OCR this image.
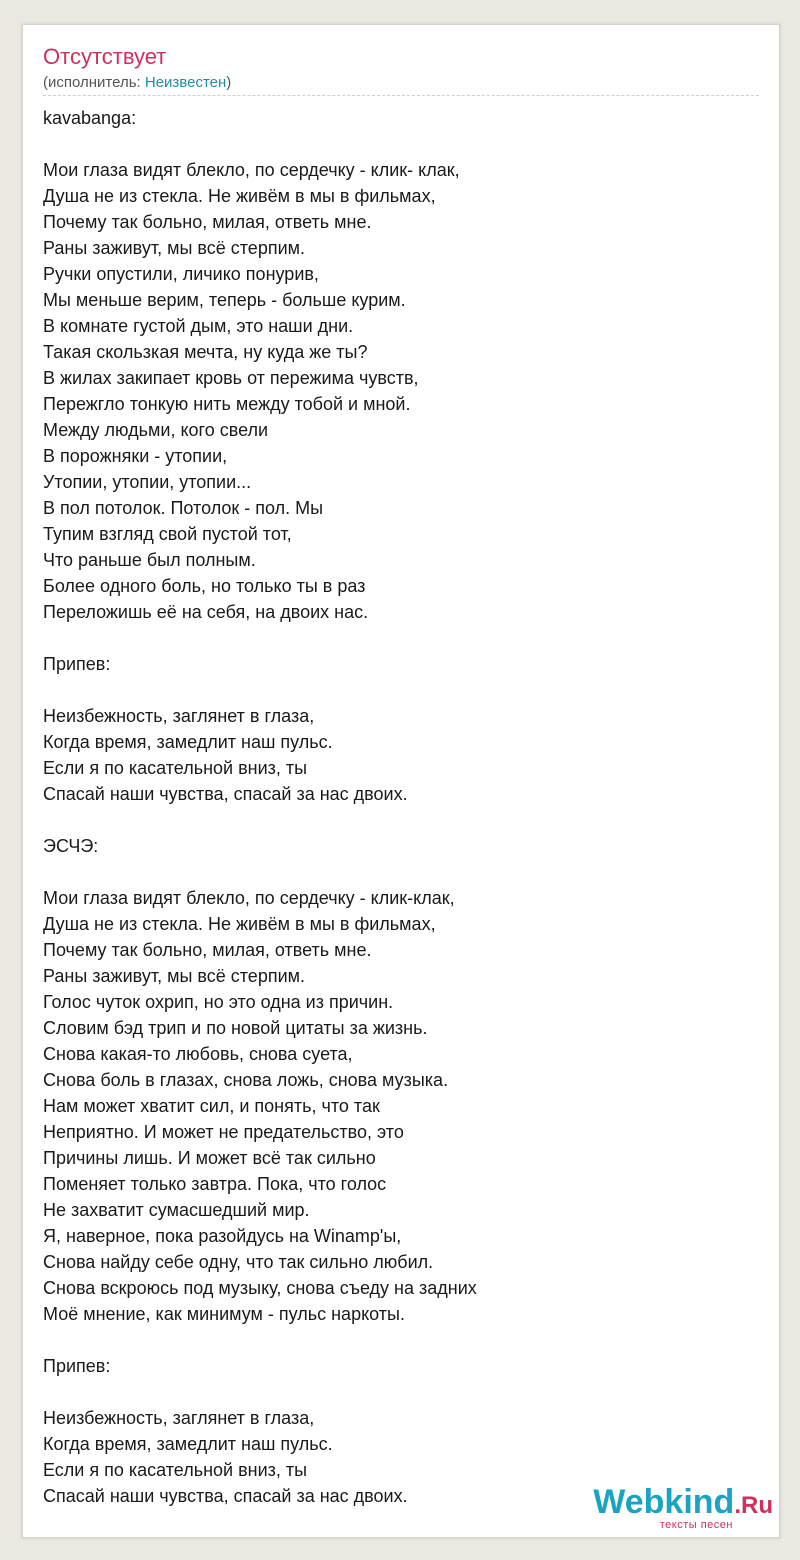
Отсутствует
(исполнитель: Неизвестен)
kavabanga:
Мои глаза видят блекло, по сердечку - клик- клак,
Душа не из стекла. Не живём в мы в фильмах,
Почему так больно, милая, ответь мне.
Раны заживут, мы всё стерпим.
Ручки опустили, личико понурив,
Мы меньше верим, теперь - больше курим.
В комнате густой дым, это наши дни.
Такая скользкая мечта, ну куда же ты?
В жилах закипает кровь от пережима чувств,
Пережгло тонкую нить между тобой и мной.
Между людьми, кого свели
В порожняки - утопии,
Утопии, утопии, утопии...
В пол потолок. Потолок - пол. Мы
Тупим взгляд свой пустой тот,
Что раньше был полным.
Более одного боль, но только ты в раз
Переложишь её на себя, на двоих нас.
Припев:
Неизбежность, заглянет в глаза,
Когда время, замедлит наш пульс.
Если я по касательной вниз, ты
Спасай наши чувства, спасай за нас двоих.
ЭСЧЭ:
Мои глаза видят блекло, по сердечку - клик-клак,
Душа не из стекла. Не живём в мы в фильмах,
Почему так больно, милая, ответь мне.
Раны заживут, мы всё стерпим.
Голос чуток охрип, но это одна из причин.
Словим бэд трип и по новой цитаты за жизнь.
Снова какая-то любовь, снова суета,
Снова боль в глазах, снова ложь, снова музыка.
Нам может хватит сил, и понять, что так
Неприятно. И может не предательство, это
Причины лишь. И может всё так сильно
Поменяет только завтра. Пока, что голос
Не захватит сумасшедший мир.
Я, наверное, пока разойдусь на Winamp'ы,
Снова найду себе одну, что так сильно любил.
Снова вскроюсь под музыку, снова съеду на задних
Моё мнение, как минимум - пульс наркоты.
Припев:
Неизбежность, заглянет в глаза,
Когда время, замедлит наш пульс.
Если я по касательной вниз, ты
Спасай наши чувства, спасай за нас двоих.	Webkind.Ru
тексты песен
